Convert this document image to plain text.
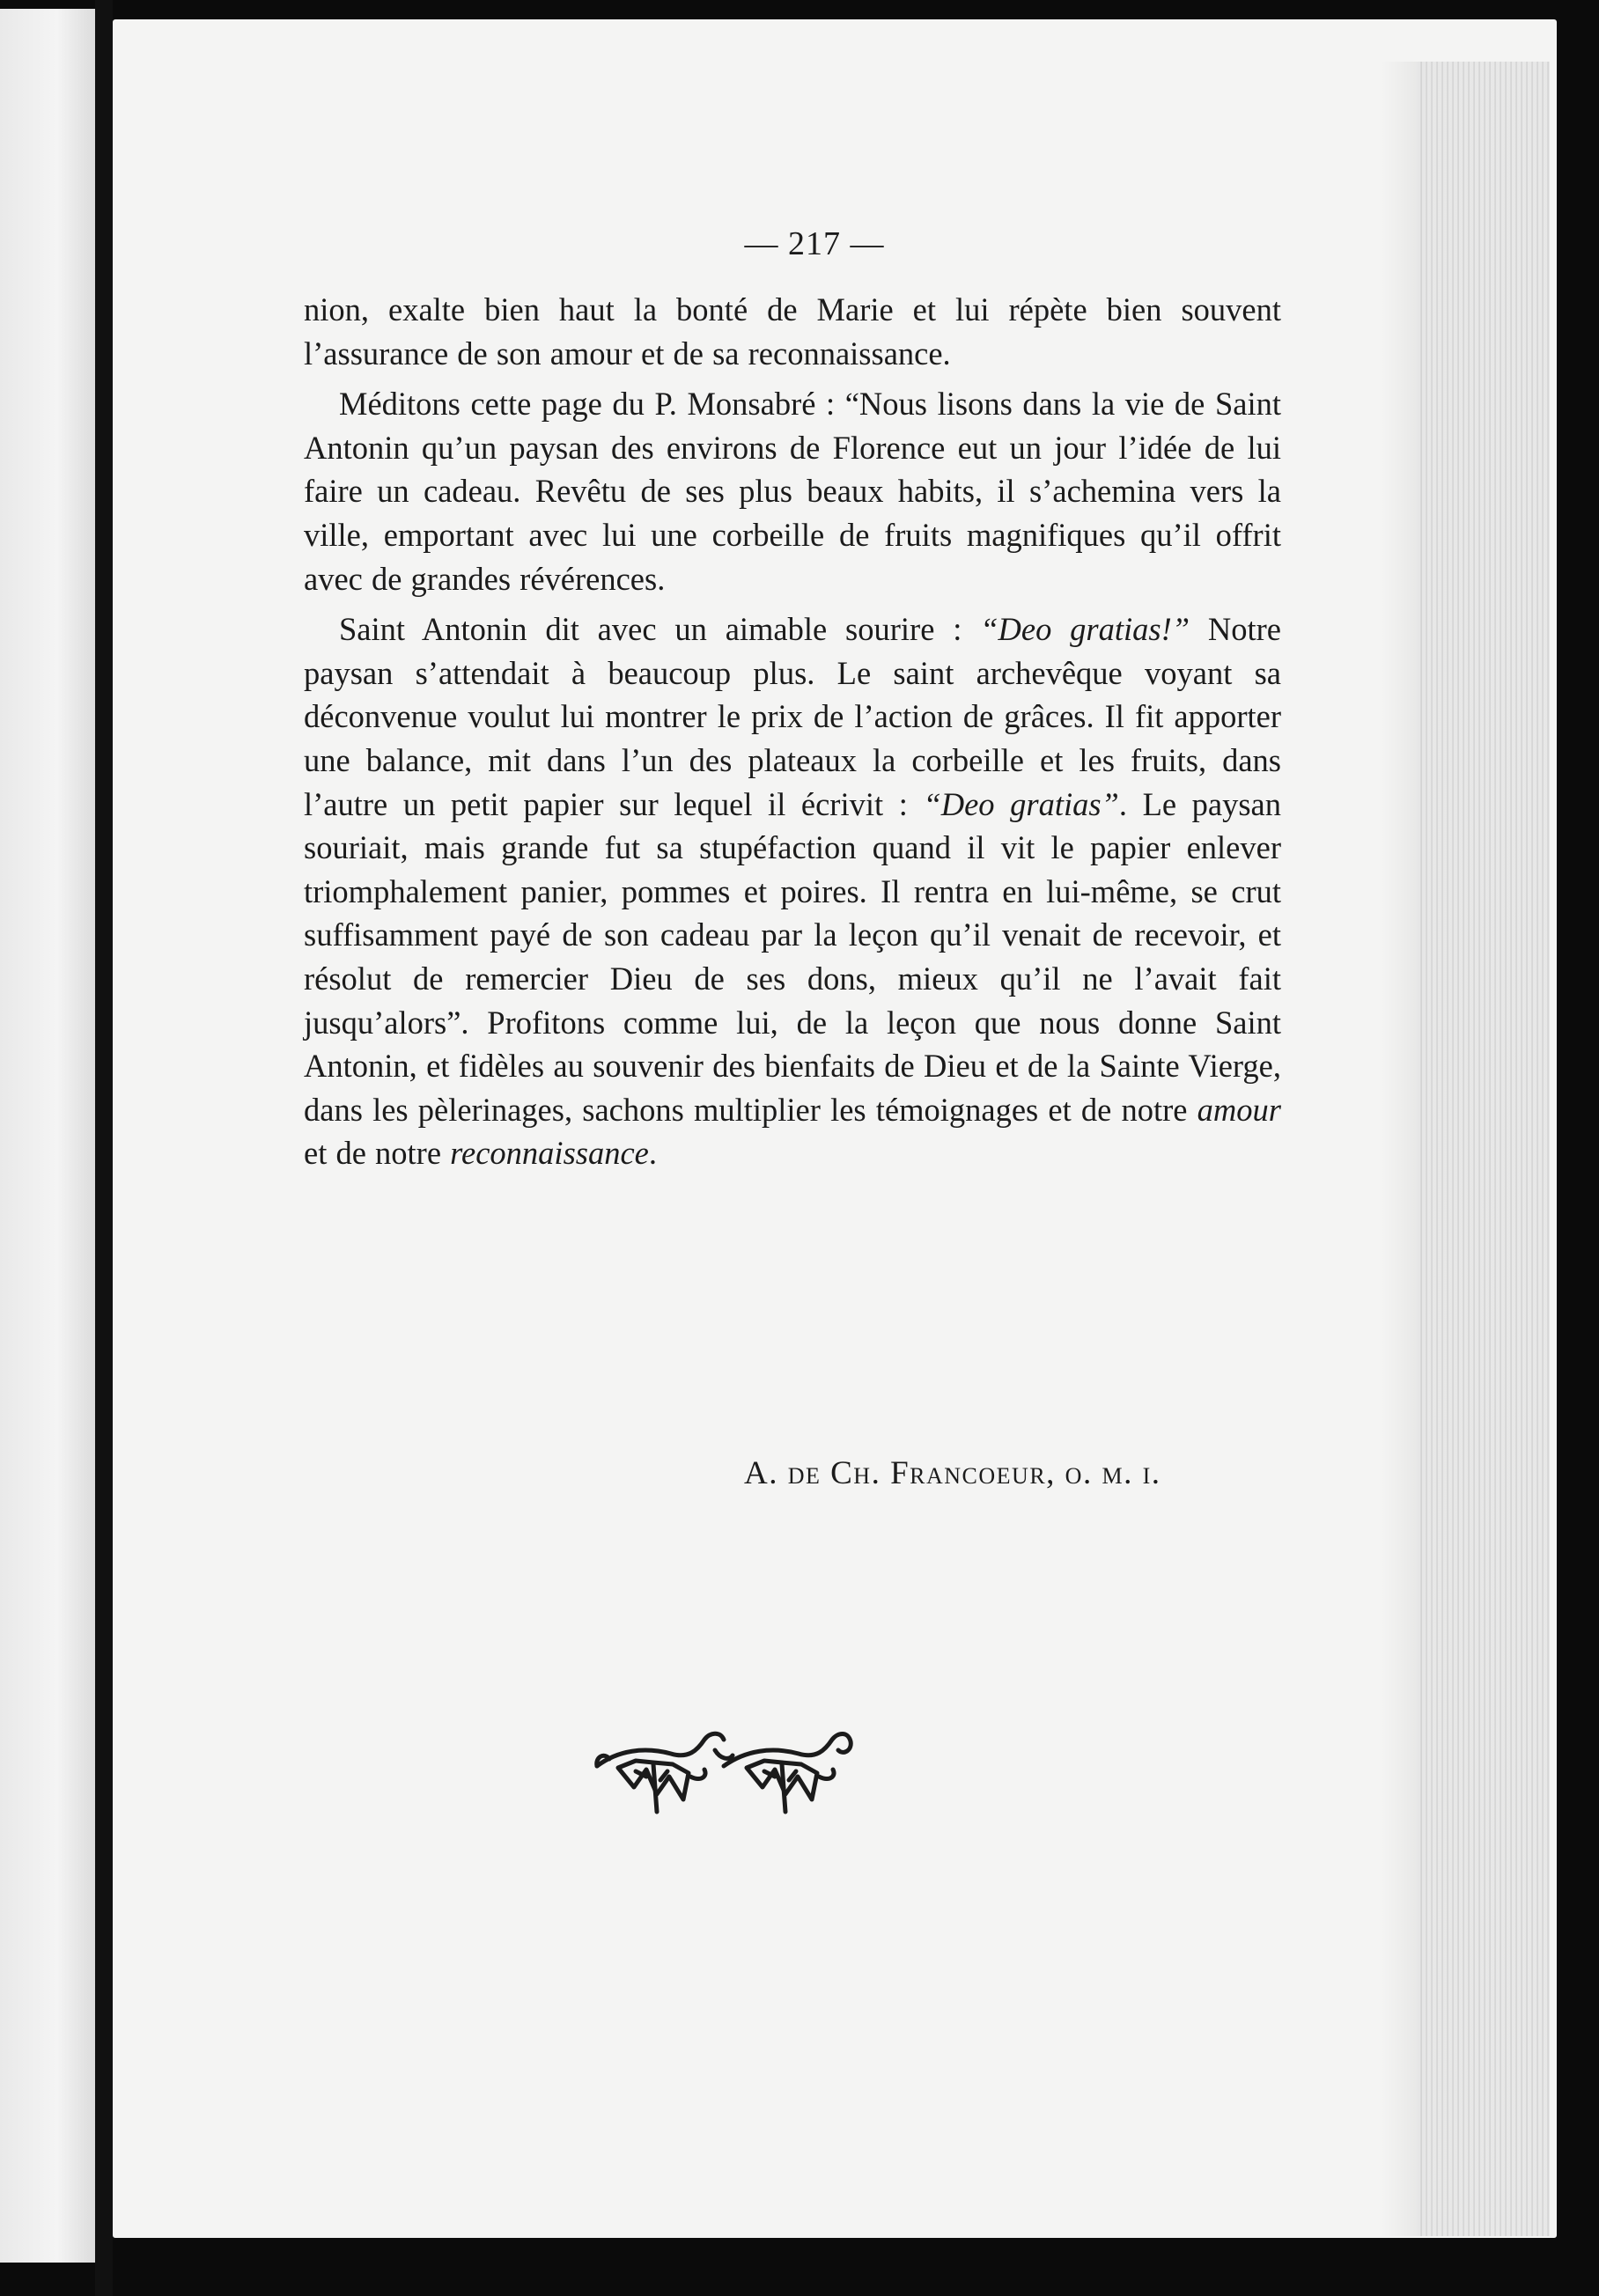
— 217 —

nion, exalte bien haut la bonté de Marie et lui répète bien souvent l’assurance de son amour et de sa reconnaissance.

Méditons cette page du P. Monsabré : “Nous lisons dans la vie de Saint Antonin qu’un paysan des environs de Florence eut un jour l’idée de lui faire un cadeau. Revêtu de ses plus beaux habits, il s’achemina vers la ville, emportant avec lui une corbeille de fruits magnifiques qu’il offrit avec de grandes révérences.

Saint Antonin dit avec un aimable sourire : “Deo gratias!” Notre paysan s’attendait à beaucoup plus. Le saint archevêque voyant sa déconvenue voulut lui montrer le prix de l’action de grâces. Il fit apporter une balance, mit dans l’un des plateaux la corbeille et les fruits, dans l’autre un petit papier sur lequel il écrivit : “Deo gratias”. Le paysan souriait, mais grande fut sa stupéfaction quand il vit le papier enlever triomphalement panier, pommes et poires. Il rentra en lui-même, se crut suffisamment payé de son cadeau par la leçon qu’il venait de recevoir, et résolut de remercier Dieu de ses dons, mieux qu’il ne l’avait fait jusqu’alors”. Profitons comme lui, de la leçon que nous donne Saint Antonin, et fidèles au souvenir des bienfaits de Dieu et de la Sainte Vierge, dans les pèlerinages, sachons multiplier les témoignages et de notre amour et de notre reconnaissance.

A. de Ch. Francoeur, o. m. i.
